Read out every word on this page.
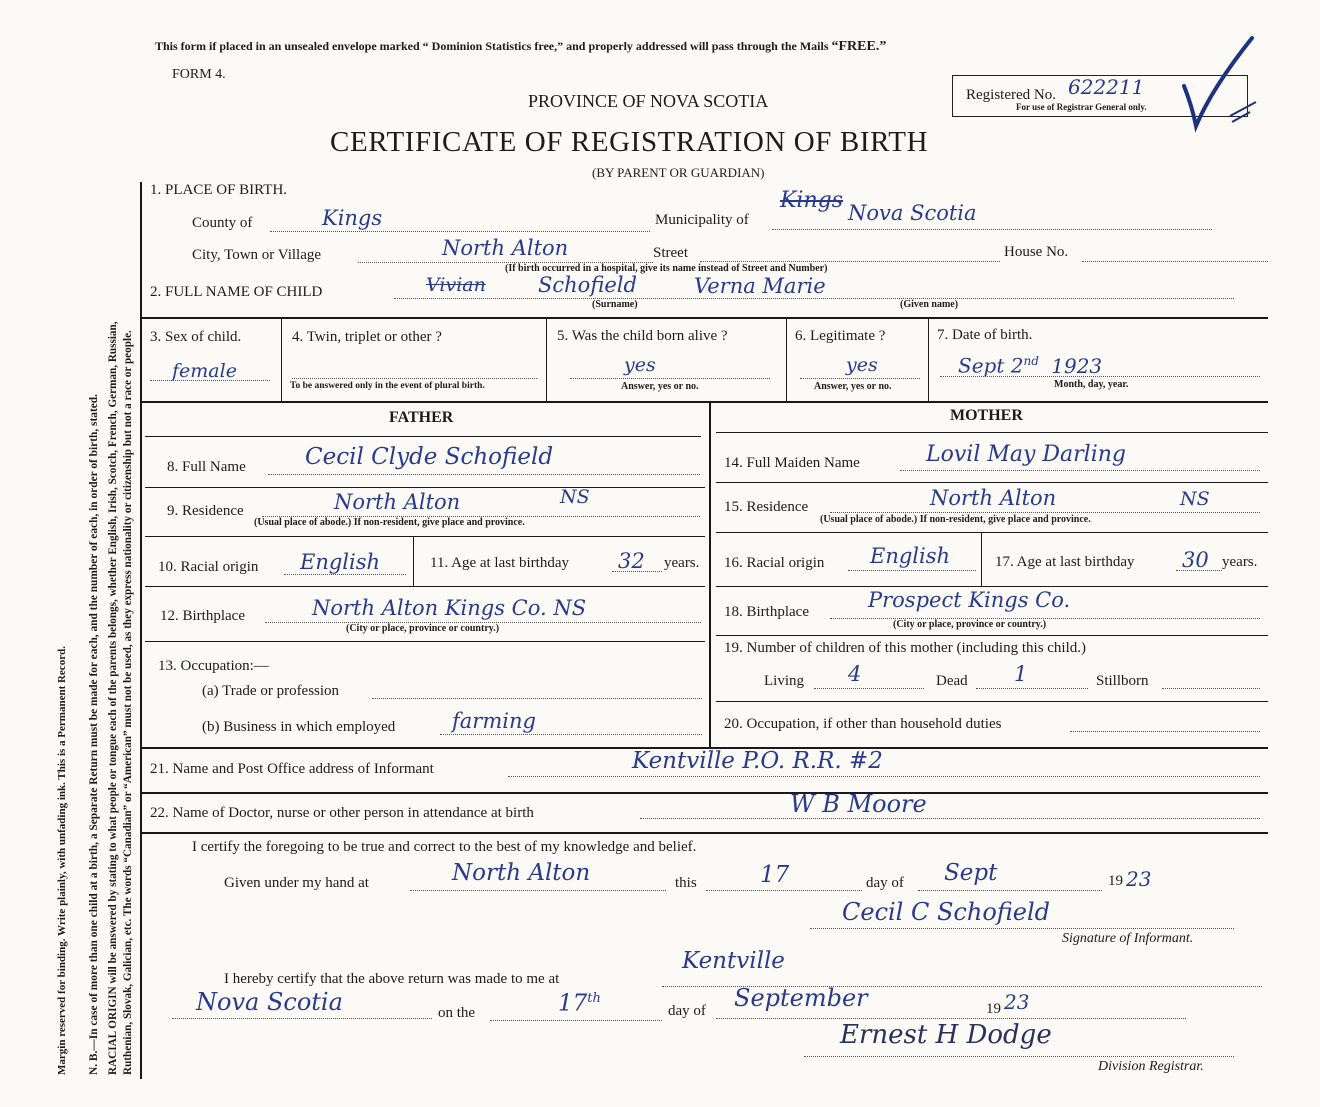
Margin reserved for binding. Write plainly, with unfading ink. This is a Permanent Record. N. B.—In case of more than one child at a birth, a Separate Return must be made for each, and the number of each, in order of birth, stated. RACIAL ORIGIN will be answered by stating to what people or tongue each of the parents belongs, whether English, Irish, Scotch, French, German, Russian, Ruthenian, Slovak, Galician, etc. The words “Canadian” or “American” must not be used, as they express nationality or citizenship but not a race or people.
This form if placed in an unsealed envelope marked “ Dominion Statistics free,” and properly addressed will pass through the Mails “FREE.”
FORM 4.
PROVINCE OF NOVA SCOTIA
CERTIFICATE OF REGISTRATION OF BIRTH
(BY PARENT OR GUARDIAN)
Registered No. 622211
For use of Registrar General only.
1. PLACE OF BIRTH.
County of	Kings	Municipality of
Kings Nova Scotia
City, Town or Village	North Alton	Street	House No.
(If birth occurred in a hospital, give its name instead of Street and Number)
2. FULL NAME OF CHILD	Vivian Schofield	Verna Marie
(Surname)	(Given name)
3. Sex of child.
female
4. Twin, triplet or other ?
To be answered only in the event of plural birth.
5. Was the child born alive ?
yes
Answer, yes or no.
6. Legitimate ?
yes
Answer, yes or no.
7. Date of birth.
Sept 2nd 1923
Month, day, year.
FATHER
8. Full Name	Cecil Clyde Schofield
9. Residence	North Alton	NS
(Usual place of abode.) If non-resident, give place and province.
10. Racial origin English	11. Age at last birthday 32 years.
12. Birthplace	North Alton Kings Co. NS
(City or place, province or country.)
13. Occupation:—
(a) Trade or profession
(b) Business in which employed	farming
MOTHER
14. Full Maiden Name	Lovil May Darling
15. Residence	North Alton	NS
(Usual place of abode.) If non-resident, give place and province.
16. Racial origin English	17. Age at last birthday 30 years.
18. Birthplace	Prospect Kings Co.
(City or place, province or country.)
19. Number of children of this mother (including this child.)
Living 4	Dead 1	Stillborn
20. Occupation, if other than household duties
21. Name and Post Office address of Informant	Kentville P.O. R.R. #2
22. Name of Doctor, nurse or other person in attendance at birth	W B Moore
I certify the foregoing to be true and correct to the best of my knowledge and belief.
Given under my hand at	North Alton	this	17	day of Sept	19 23
Cecil C Schofield
Signature of Informant.
I hereby certify that the above return was made to me at
Kentville
Nova Scotia	on the	17th
day of September	19 23
Ernest H Dodge
Division Registrar.
